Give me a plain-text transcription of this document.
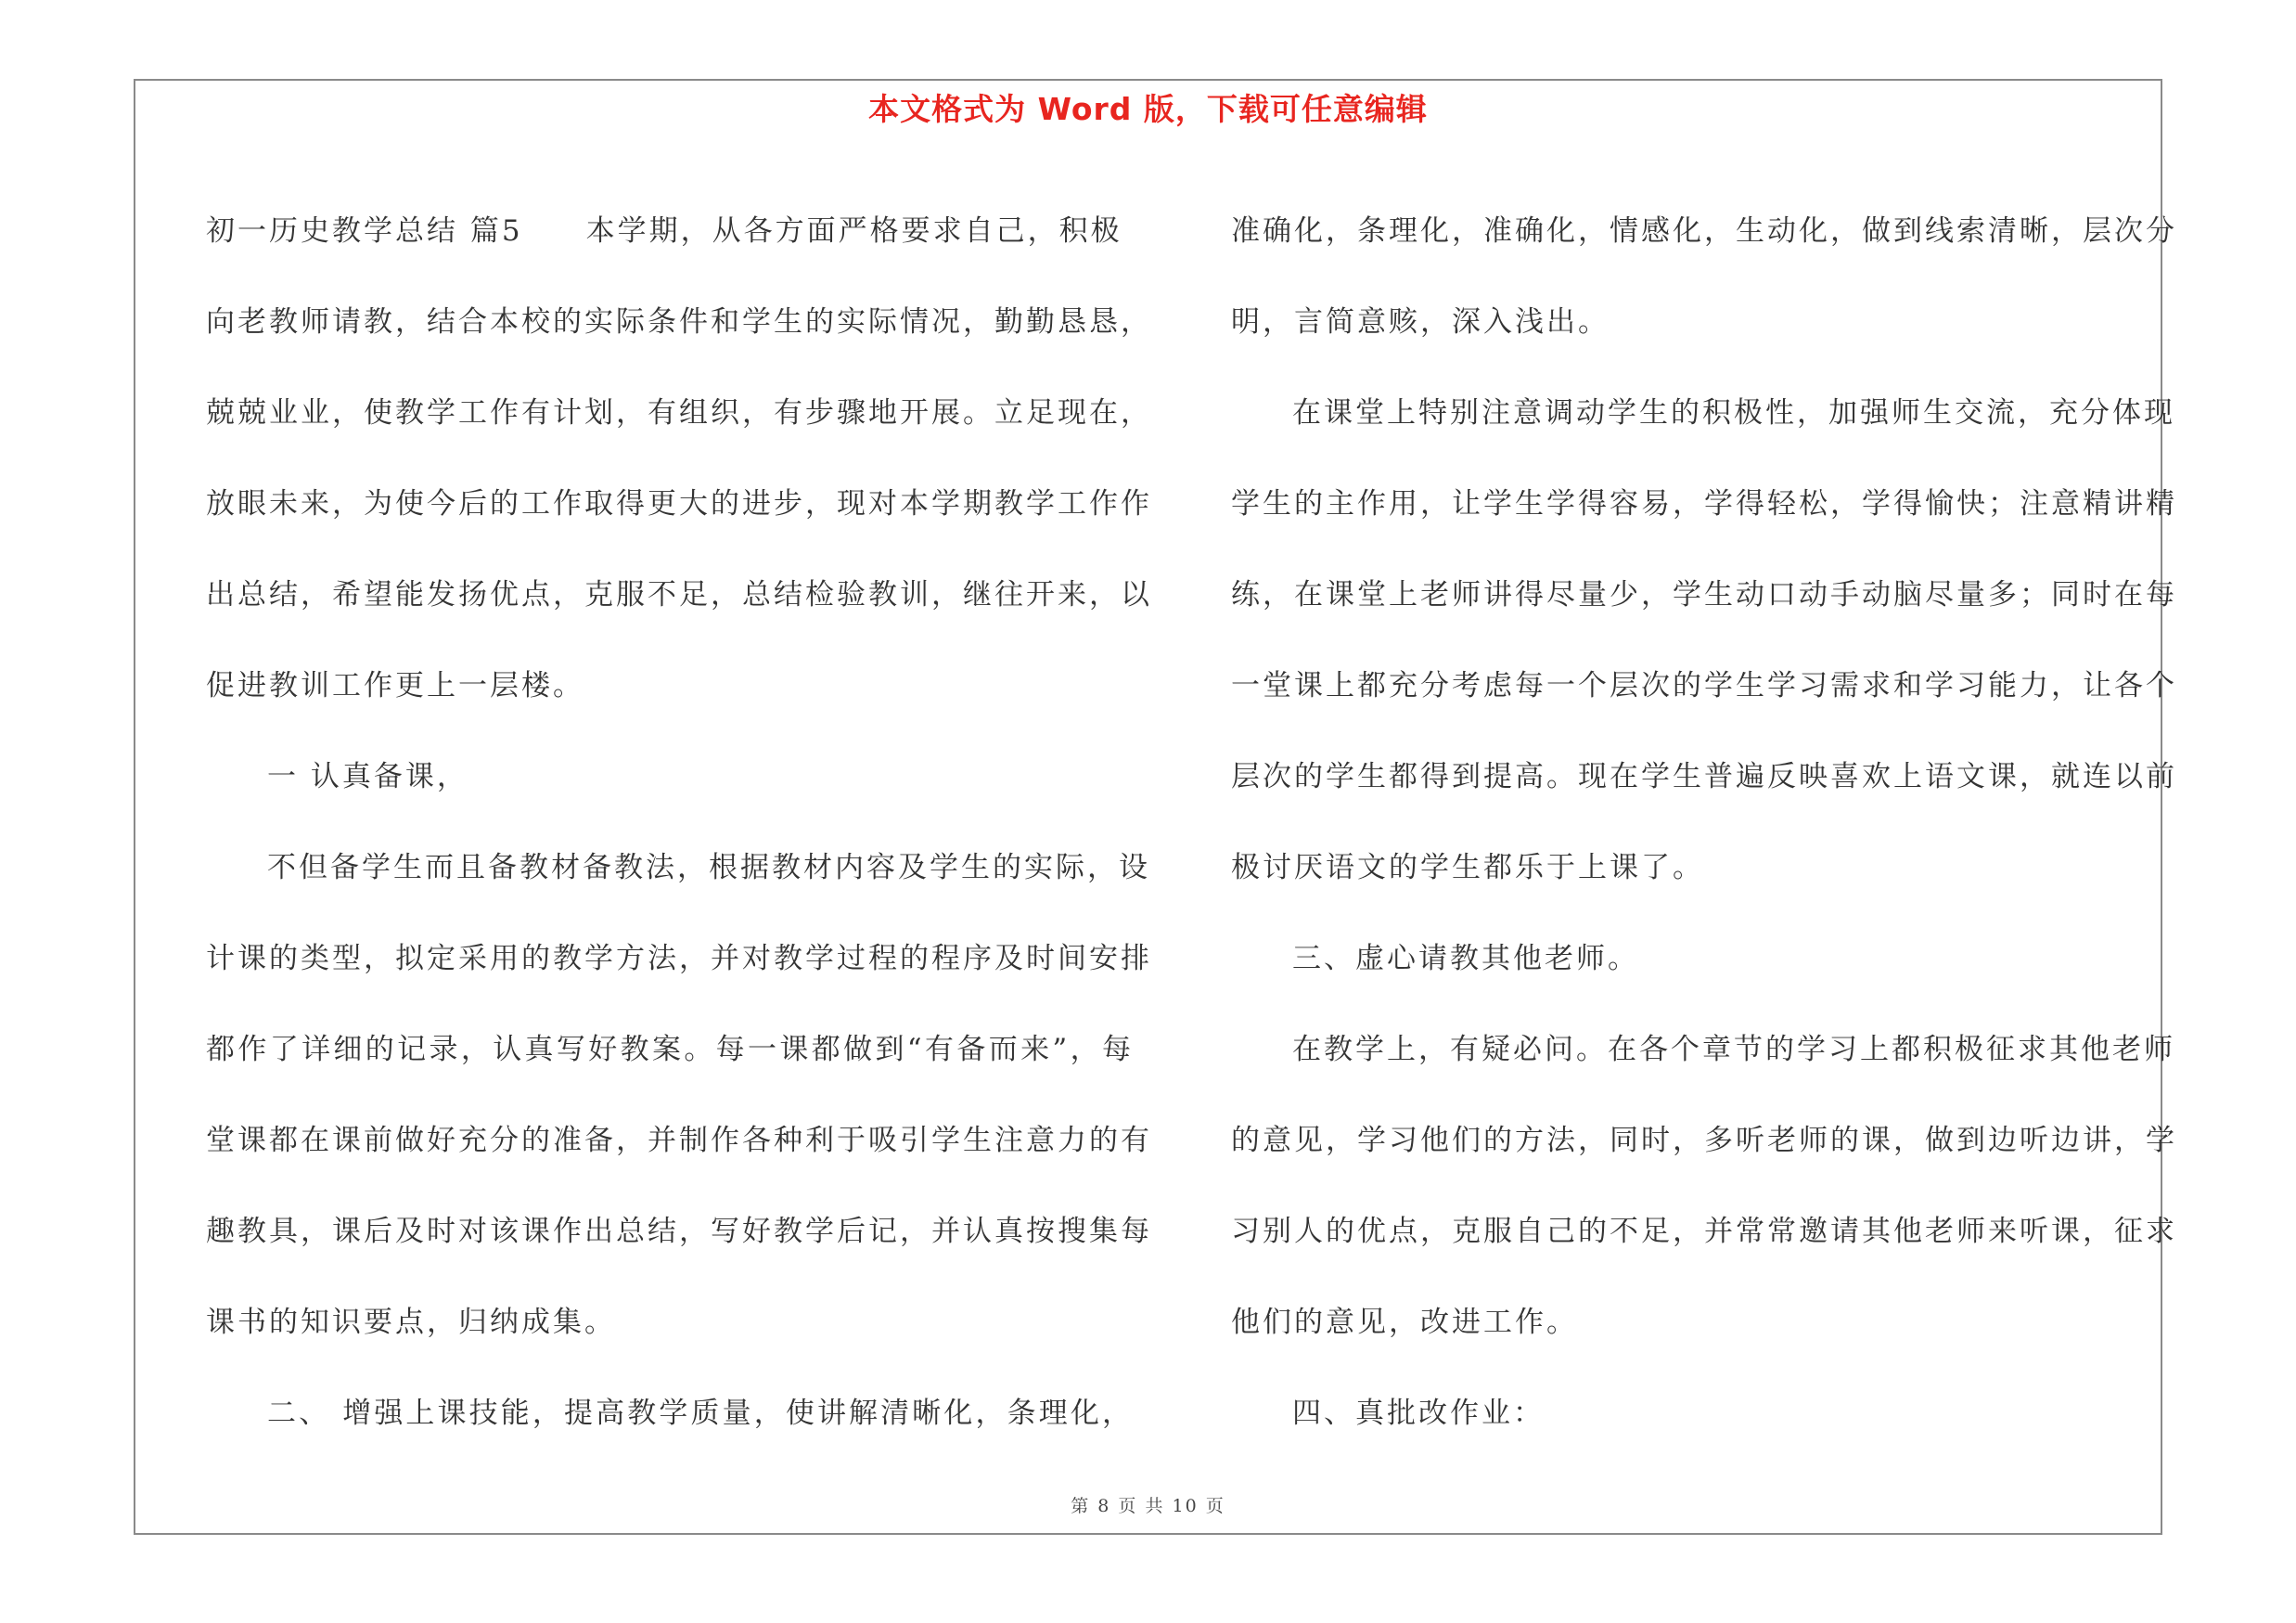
本文格式为 Word 版，下载可任意编辑
初一历史教学总结 篇5　　本学期，从各方面严格要求自己，积极
向老教师请教，结合本校的实际条件和学生的实际情况，勤勤恳恳，
兢兢业业，使教学工作有计划，有组织，有步骤地开展。立足现在，
放眼未来，为使今后的工作取得更大的进步，现对本学期教学工作作
出总结，希望能发扬优点，克服不足，总结检验教训，继往开来，以
促进教训工作更上一层楼。
一 认真备课，
不但备学生而且备教材备教法，根据教材内容及学生的实际，设
计课的类型，拟定采用的教学方法，并对教学过程的程序及时间安排
都作了详细的记录，认真写好教案。每一课都做到“有备而来”，每
堂课都在课前做好充分的准备，并制作各种利于吸引学生注意力的有
趣教具，课后及时对该课作出总结，写好教学后记，并认真按搜集每
课书的知识要点，归纳成集。
二、 增强上课技能，提高教学质量，使讲解清晰化，条理化，
准确化，条理化，准确化，情感化，生动化，做到线索清晰，层次分
明，言简意赅，深入浅出。
在课堂上特别注意调动学生的积极性，加强师生交流，充分体现
学生的主作用，让学生学得容易，学得轻松，学得愉快；注意精讲精
练，在课堂上老师讲得尽量少，学生动口动手动脑尽量多；同时在每
一堂课上都充分考虑每一个层次的学生学习需求和学习能力，让各个
层次的学生都得到提高。现在学生普遍反映喜欢上语文课，就连以前
极讨厌语文的学生都乐于上课了。
三、虚心请教其他老师。
在教学上，有疑必问。在各个章节的学习上都积极征求其他老师
的意见，学习他们的方法，同时，多听老师的课，做到边听边讲，学
习别人的优点，克服自己的不足，并常常邀请其他老师来听课，征求
他们的意见，改进工作。
四、真批改作业：
第 8 页 共 10 页
